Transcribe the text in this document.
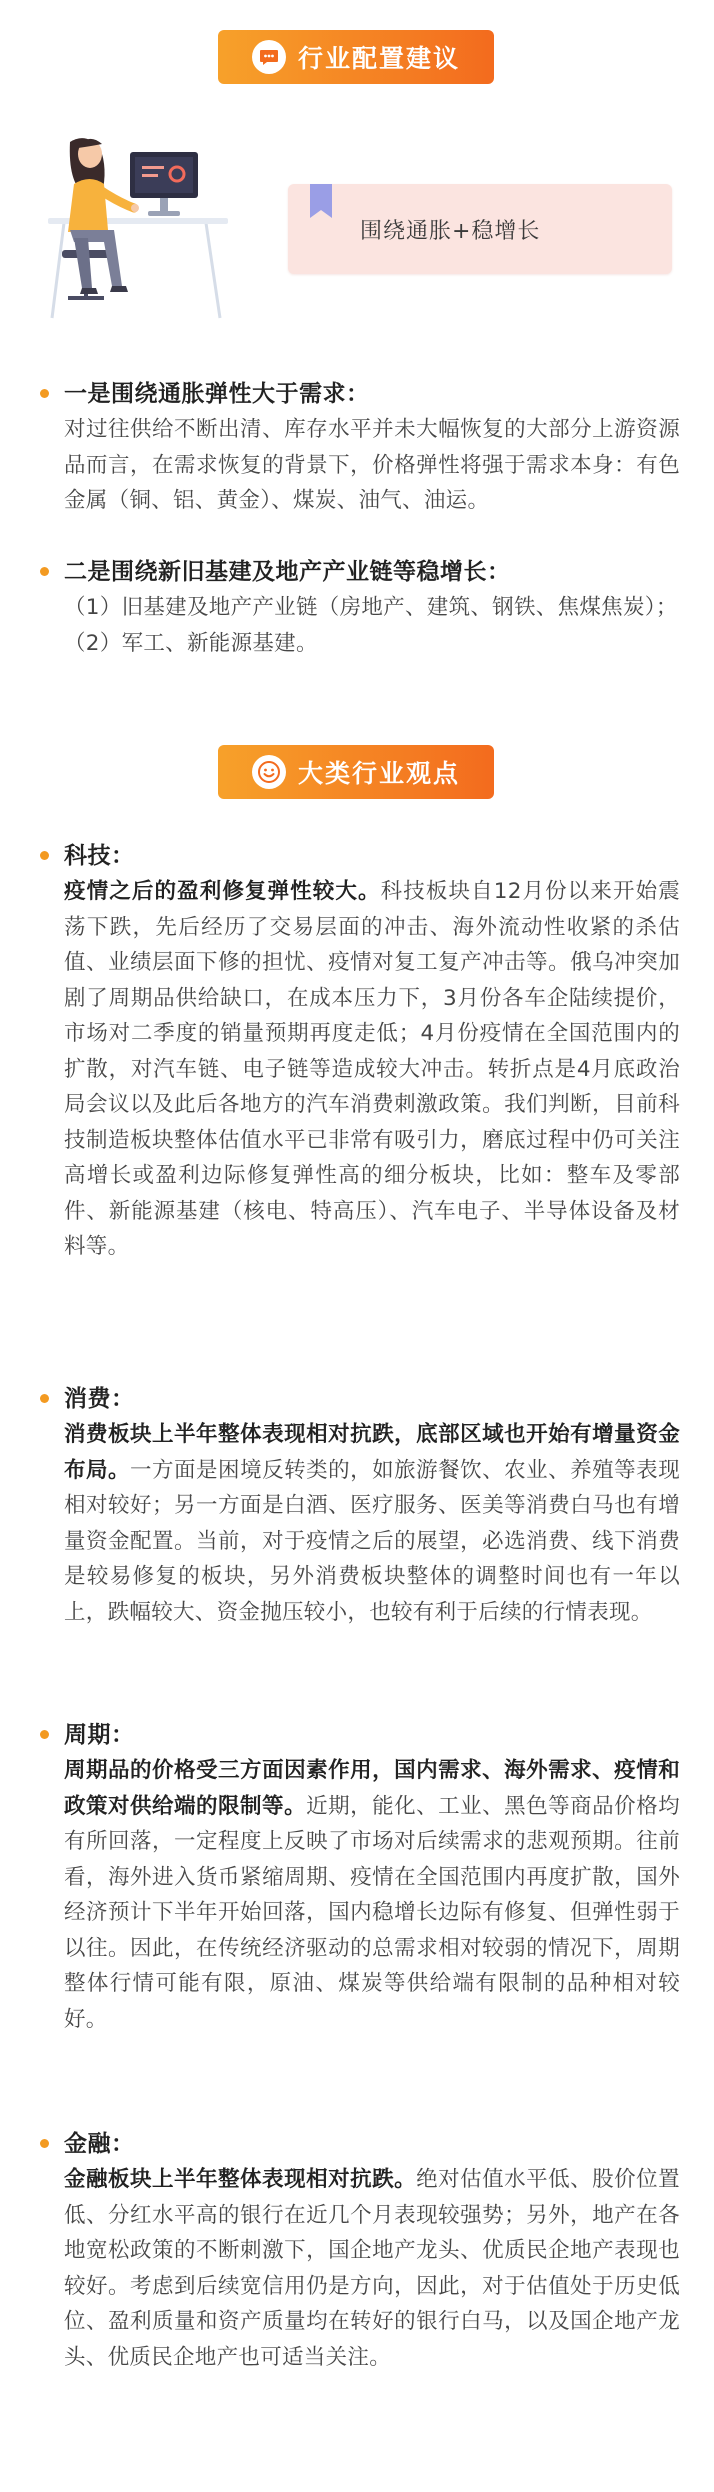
行业配置建议
围绕通胀+稳增长
一是围绕通胀弹性大于需求：

对过往供给不断出清、库存水平并未大幅恢复的大部分上游资源品而言，在需求恢复的背景下，价格弹性将强于需求本身：有色金属（铜、铝、黄金）、煤炭、油气、油运。

二是围绕新旧基建及地产产业链等稳增长：

（1）旧基建及地产产业链（房地产、建筑、钢铁、焦煤焦炭）；

（2）军工、新能源基建。

大类行业观点
科技：

疫情之后的盈利修复弹性较大。科技板块自12月份以来开始震荡下跌，先后经历了交易层面的冲击、海外流动性收紧的杀估值、业绩层面下修的担忧、疫情对复工复产冲击等。俄乌冲突加剧了周期品供给缺口，在成本压力下，3月份各车企陆续提价，市场对二季度的销量预期再度走低；4月份疫情在全国范围内的扩散，对汽车链、电子链等造成较大冲击。转折点是4月底政治局会议以及此后各地方的汽车消费刺激政策。我们判断，目前科技制造板块整体估值水平已非常有吸引力，磨底过程中仍可关注高增长或盈利边际修复弹性高的细分板块，比如：整车及零部件、新能源基建（核电、特高压）、汽车电子、半导体设备及材料等。

消费：

消费板块上半年整体表现相对抗跌，底部区域也开始有增量资金布局。一方面是困境反转类的，如旅游餐饮、农业、养殖等表现相对较好；另一方面是白酒、医疗服务、医美等消费白马也有增量资金配置。当前，对于疫情之后的展望，必选消费、线下消费是较易修复的板块，另外消费板块整体的调整时间也有一年以上，跌幅较大、资金抛压较小，也较有利于后续的行情表现。

周期：

周期品的价格受三方面因素作用，国内需求、海外需求、疫情和政策对供给端的限制等。近期，能化、工业、黑色等商品价格均有所回落，一定程度上反映了市场对后续需求的悲观预期。往前看，海外进入货币紧缩周期、疫情在全国范围内再度扩散，国外经济预计下半年开始回落，国内稳增长边际有修复、但弹性弱于以往。因此，在传统经济驱动的总需求相对较弱的情况下，周期整体行情可能有限，原油、煤炭等供给端有限制的品种相对较好。

金融：

金融板块上半年整体表现相对抗跌。绝对估值水平低、股价位置低、分红水平高的银行在近几个月表现较强势；另外，地产在各地宽松政策的不断刺激下，国企地产龙头、优质民企地产表现也较好。考虑到后续宽信用仍是方向，因此，对于估值处于历史低位、盈利质量和资产质量均在转好的银行白马，以及国企地产龙头、优质民企地产也可适当关注。
